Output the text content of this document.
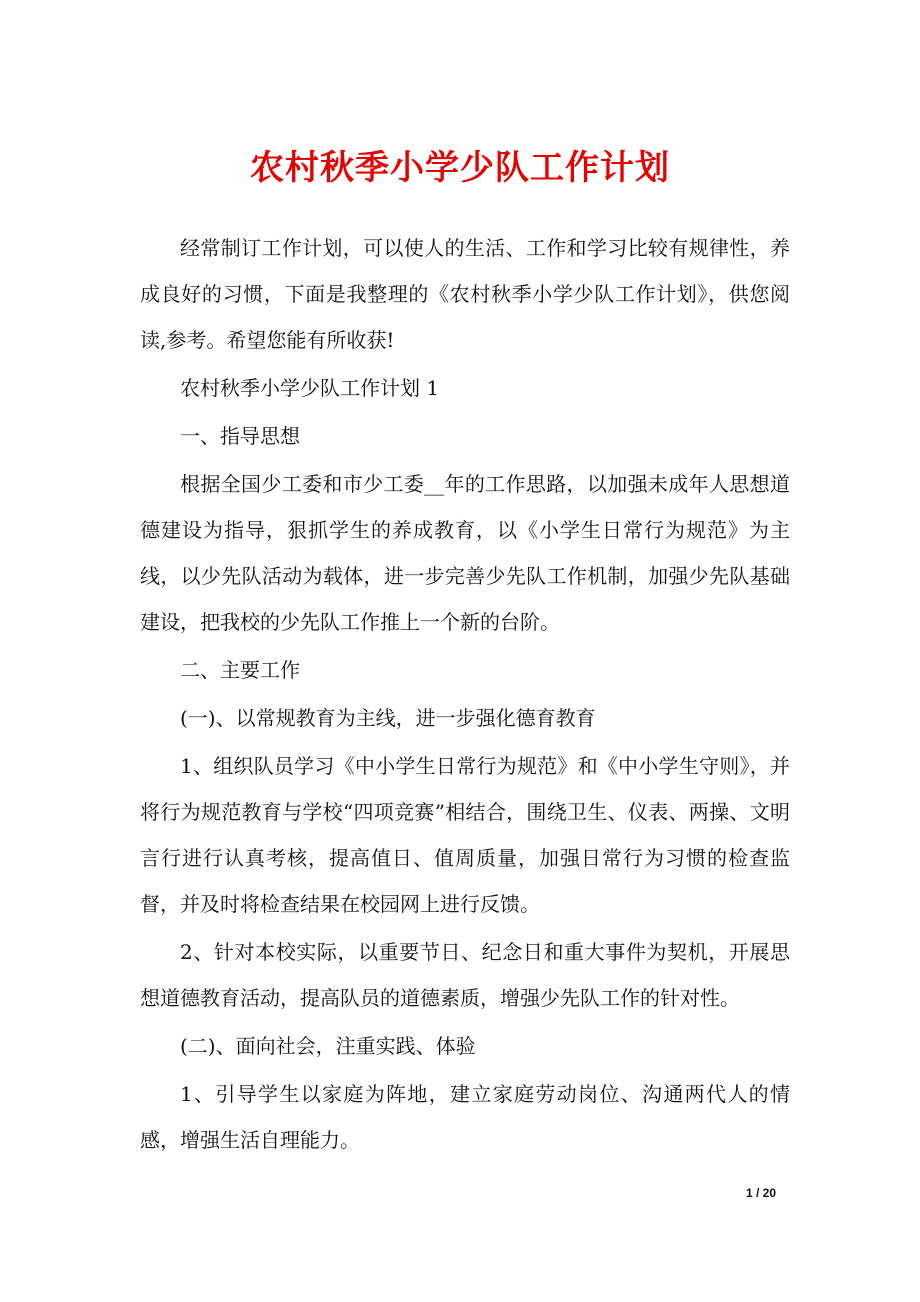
农村秋季小学少队工作计划

经常制订工作计划，可以使人的生活、工作和学习比较有规律性，养成良好的习惯，下面是我整理的《农村秋季小学少队工作计划》，供您阅读,参考。希望您能有所收获!

农村秋季小学少队工作计划 1

一、指导思想

根据全国少工委和市少工委__年的工作思路，以加强未成年人思想道德建设为指导，狠抓学生的养成教育，以《小学生日常行为规范》为主线，以少先队活动为载体，进一步完善少先队工作机制，加强少先队基础建设，把我校的少先队工作推上一个新的台阶。

二、主要工作

(一)、以常规教育为主线，进一步强化德育教育

1、组织队员学习《中小学生日常行为规范》和《中小学生守则》，并将行为规范教育与学校“四项竞赛”相结合，围绕卫生、仪表、两操、文明言行进行认真考核，提高值日、值周质量，加强日常行为习惯的检查监督，并及时将检查结果在校园网上进行反馈。

2、针对本校实际，以重要节日、纪念日和重大事件为契机，开展思想道德教育活动，提高队员的道德素质，增强少先队工作的针对性。

(二)、面向社会，注重实践、体验

1、引导学生以家庭为阵地，建立家庭劳动岗位、沟通两代人的情感，增强生活自理能力。

1 / 20
